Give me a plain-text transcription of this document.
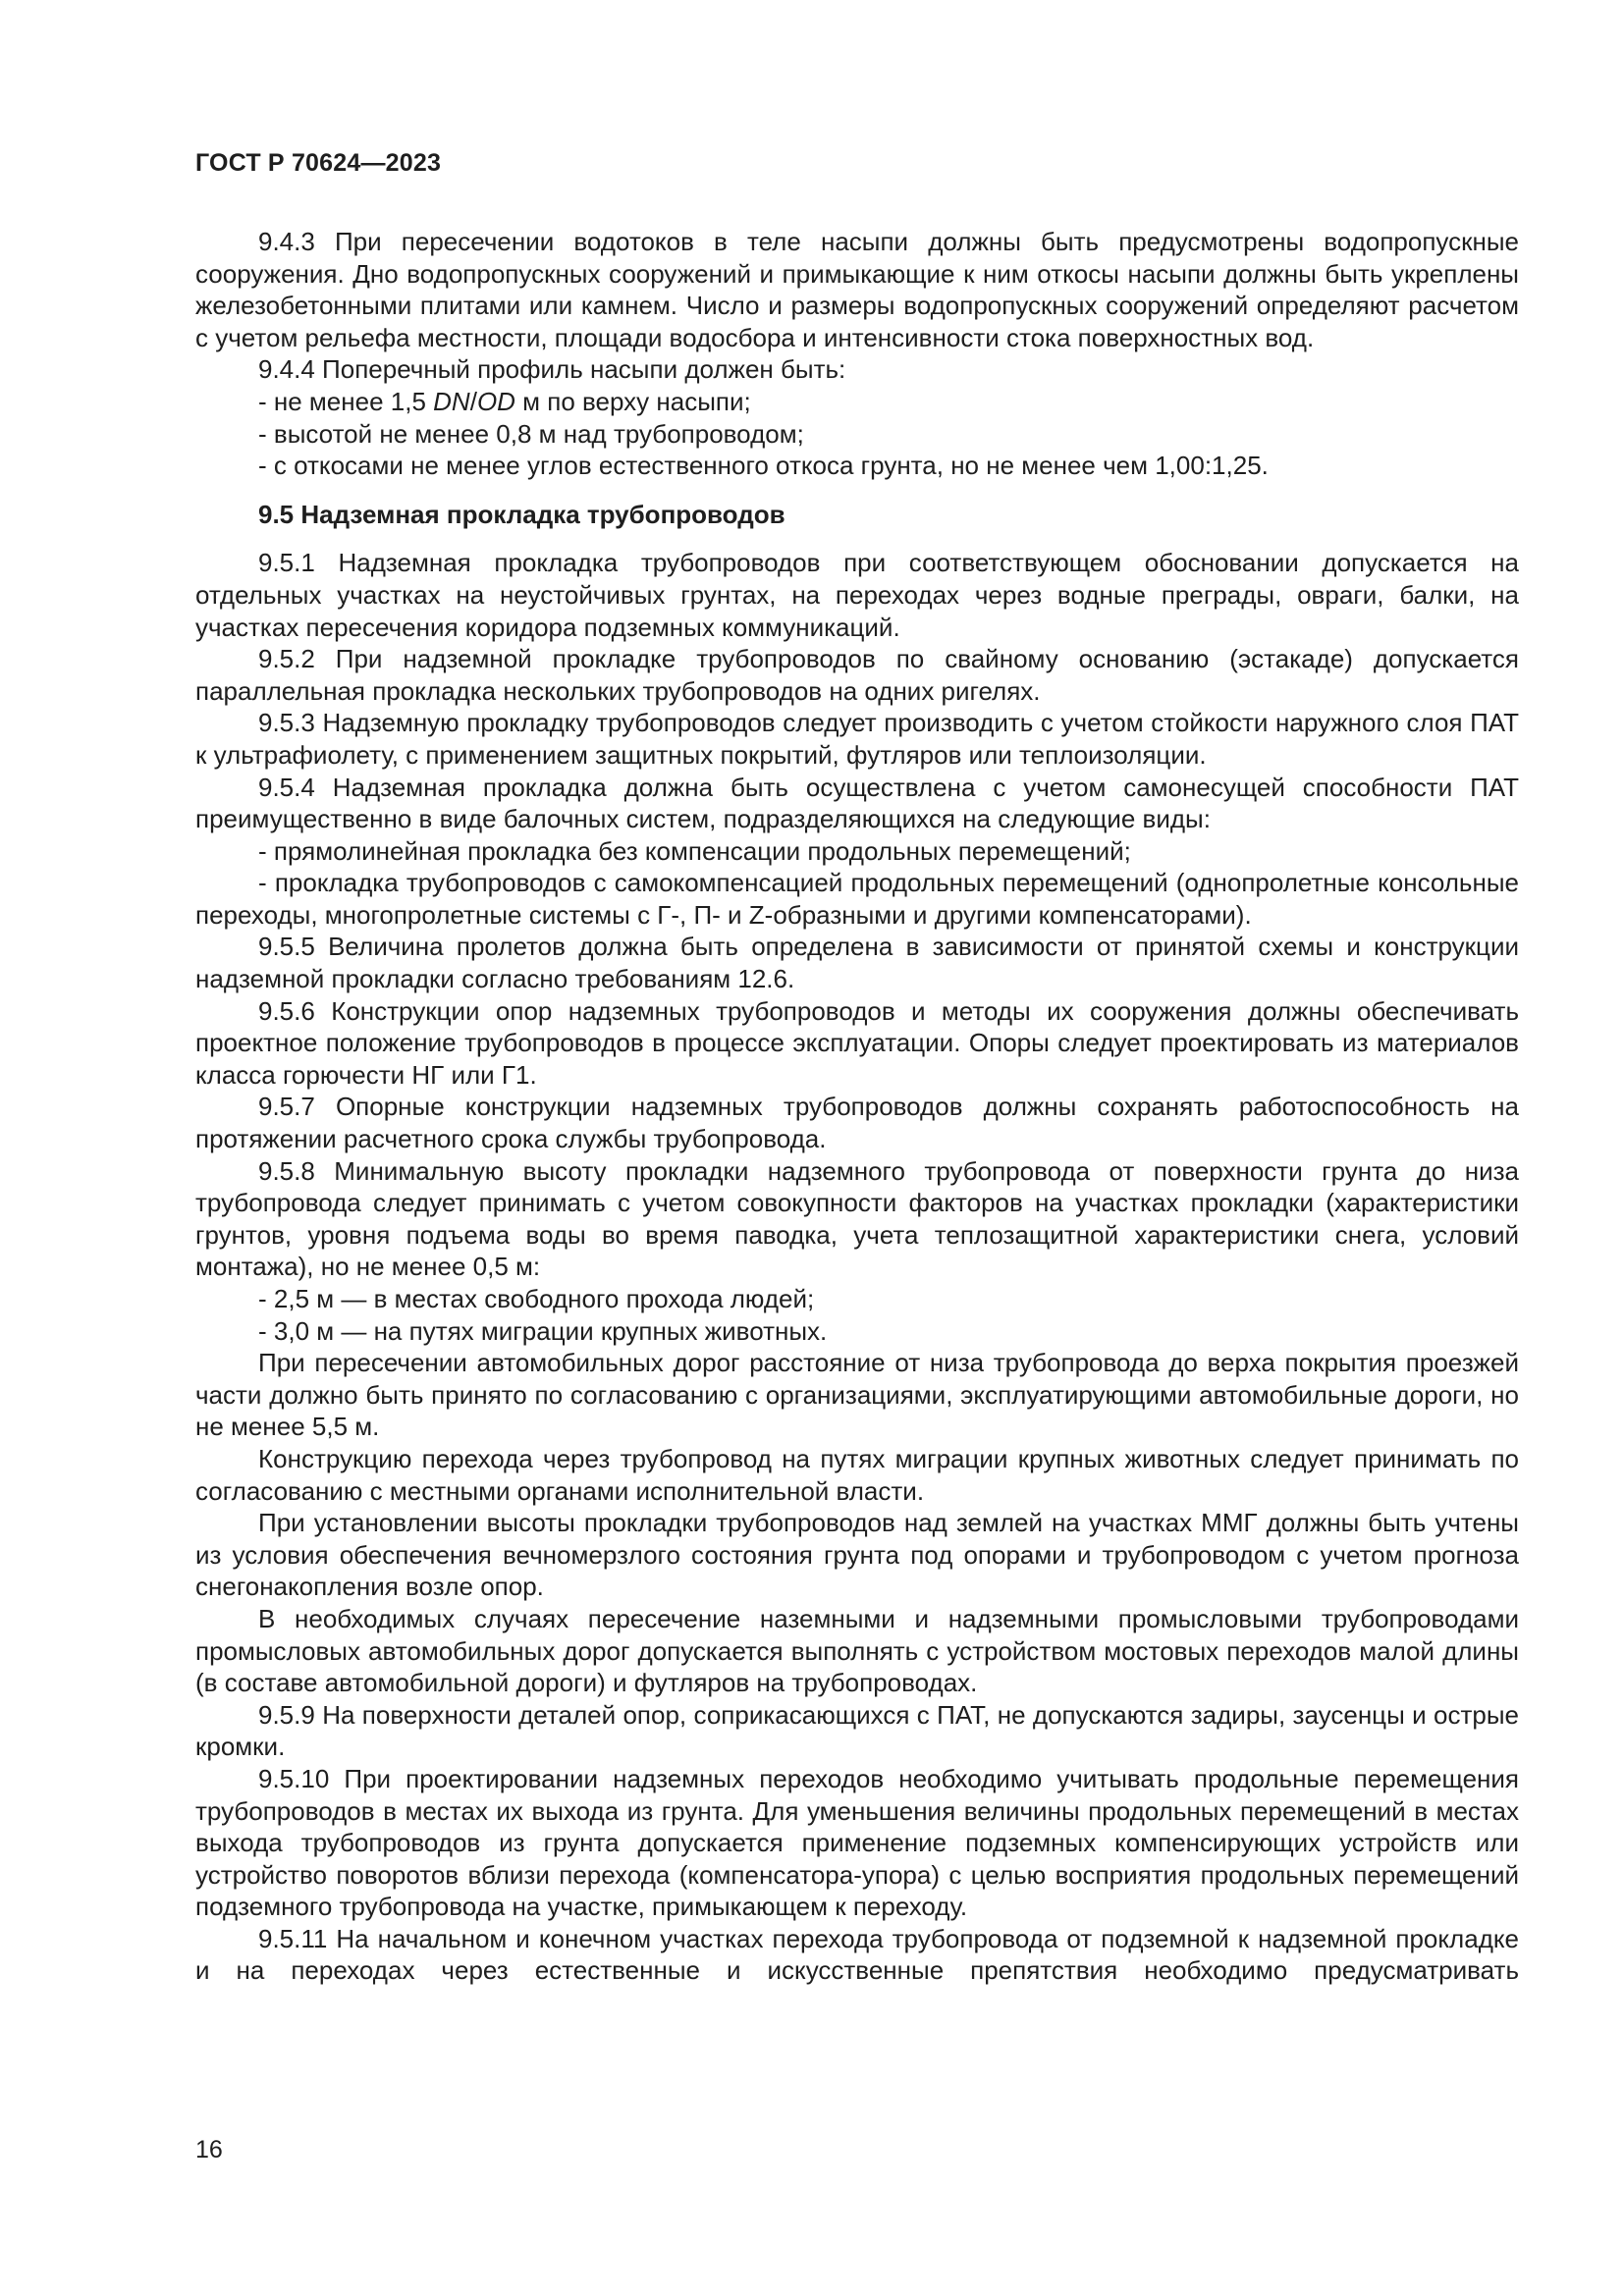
ГОСТ Р 70624—2023

9.4.3 При пересечении водотоков в теле насыпи должны быть предусмотрены водопропускные сооружения. Дно водопропускных сооружений и примыкающие к ним откосы насыпи должны быть укреплены железобетонными плитами или камнем. Число и размеры водопропускных сооружений определяют расчетом с учетом рельефа местности, площади водосбора и интенсивности стока поверхностных вод.

9.4.4 Поперечный профиль насыпи должен быть:

- не менее 1,5 DN/OD м по верху насыпи;

- высотой не менее 0,8 м над трубопроводом;

- с откосами не менее углов естественного откоса грунта, но не менее чем 1,00:1,25.

9.5 Надземная прокладка трубопроводов

9.5.1 Надземная прокладка трубопроводов при соответствующем обосновании допускается на отдельных участках на неустойчивых грунтах, на переходах через водные преграды, овраги, балки, на участках пересечения коридора подземных коммуникаций.

9.5.2 При надземной прокладке трубопроводов по свайному основанию (эстакаде) допускается параллельная прокладка нескольких трубопроводов на одних ригелях.

9.5.3 Надземную прокладку трубопроводов следует производить с учетом стойкости наружного слоя ПАТ к ультрафиолету, с применением защитных покрытий, футляров или теплоизоляции.

9.5.4 Надземная прокладка должна быть осуществлена с учетом самонесущей способности ПАТ преимущественно в виде балочных систем, подразделяющихся на следующие виды:

- прямолинейная прокладка без компенсации продольных перемещений;

- прокладка трубопроводов с самокомпенсацией продольных перемещений (однопролетные консольные переходы, многопролетные системы с Г-, П- и Z-образными и другими компенсаторами).

9.5.5 Величина пролетов должна быть определена в зависимости от принятой схемы и конструкции надземной прокладки согласно требованиям 12.6.

9.5.6 Конструкции опор надземных трубопроводов и методы их сооружения должны обеспечивать проектное положение трубопроводов в процессе эксплуатации. Опоры следует проектировать из материалов класса горючести НГ или Г1.

9.5.7 Опорные конструкции надземных трубопроводов должны сохранять работоспособность на протяжении расчетного срока службы трубопровода.

9.5.8 Минимальную высоту прокладки надземного трубопровода от поверхности грунта до низа трубопровода следует принимать с учетом совокупности факторов на участках прокладки (характеристики грунтов, уровня подъема воды во время паводка, учета теплозащитной характеристики снега, условий монтажа), но не менее 0,5 м:

- 2,5 м — в местах свободного прохода людей;

- 3,0 м — на путях миграции крупных животных.

При пересечении автомобильных дорог расстояние от низа трубопровода до верха покрытия проезжей части должно быть принято по согласованию с организациями, эксплуатирующими автомобильные дороги, но не менее 5,5 м.

Конструкцию перехода через трубопровод на путях миграции крупных животных следует принимать по согласованию с местными органами исполнительной власти.

При установлении высоты прокладки трубопроводов над землей на участках ММГ должны быть учтены из условия обеспечения вечномерзлого состояния грунта под опорами и трубопроводом с учетом прогноза снегонакопления возле опор.

В необходимых случаях пересечение наземными и надземными промысловыми трубопроводами промысловых автомобильных дорог допускается выполнять с устройством мостовых переходов малой длины (в составе автомобильной дороги) и футляров на трубопроводах.

9.5.9 На поверхности деталей опор, соприкасающихся с ПАТ, не допускаются задиры, заусенцы и острые кромки.

9.5.10 При проектировании надземных переходов необходимо учитывать продольные перемещения трубопроводов в местах их выхода из грунта. Для уменьшения величины продольных перемещений в местах выхода трубопроводов из грунта допускается применение подземных компенсирующих устройств или устройство поворотов вблизи перехода (компенсатора-упора) с целью восприятия продольных перемещений подземного трубопровода на участке, примыкающем к переходу.

9.5.11 На начальном и конечном участках перехода трубопровода от подземной к надземной прокладке и на переходах через естественные и искусственные препятствия необходимо предусматривать

16
